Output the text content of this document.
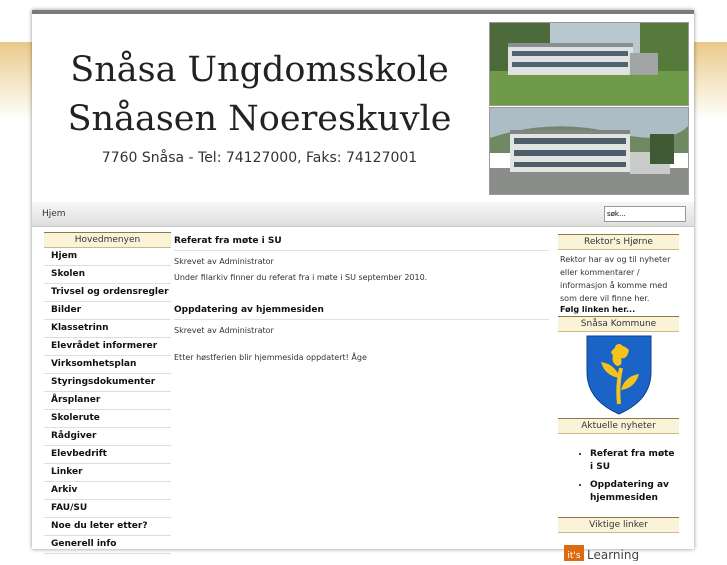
Snåsa Ungdomsskole
Snåasen Noereskuvle
7760 Snåsa - Tel: 74127000, Faks: 74127001
Hjem
søk...
Hovedmenyen
Hjem
Skolen
Trivsel og ordensregler
Bilder
Klassetrinn
Elevrådet informerer
Virksomhetsplan
Styringsdokumenter
Årsplaner
Skolerute
Rådgiver
Elevbedrift
Linker
Arkiv
FAU/SU
Noe du leter etter?
Generell info
Referat fra møte i SU
Skrevet av Administrator
Under filarkiv finner du referat fra i møte i SU september 2010.
Oppdatering av hjemmesiden
Skrevet av Administrator
Etter høstferien blir hjemmesida oppdatert! Åge
Rektor's Hjørne
Rektor har av og til nyheter eller kommentarer / informasjon å komme med som dere vil finne her.
Følg linken her...
Snåsa Kommune
Aktuelle nyheter
• Referat fra møte i SU
• Oppdatering av hjemmesiden
Viktige linker
it's Learning
